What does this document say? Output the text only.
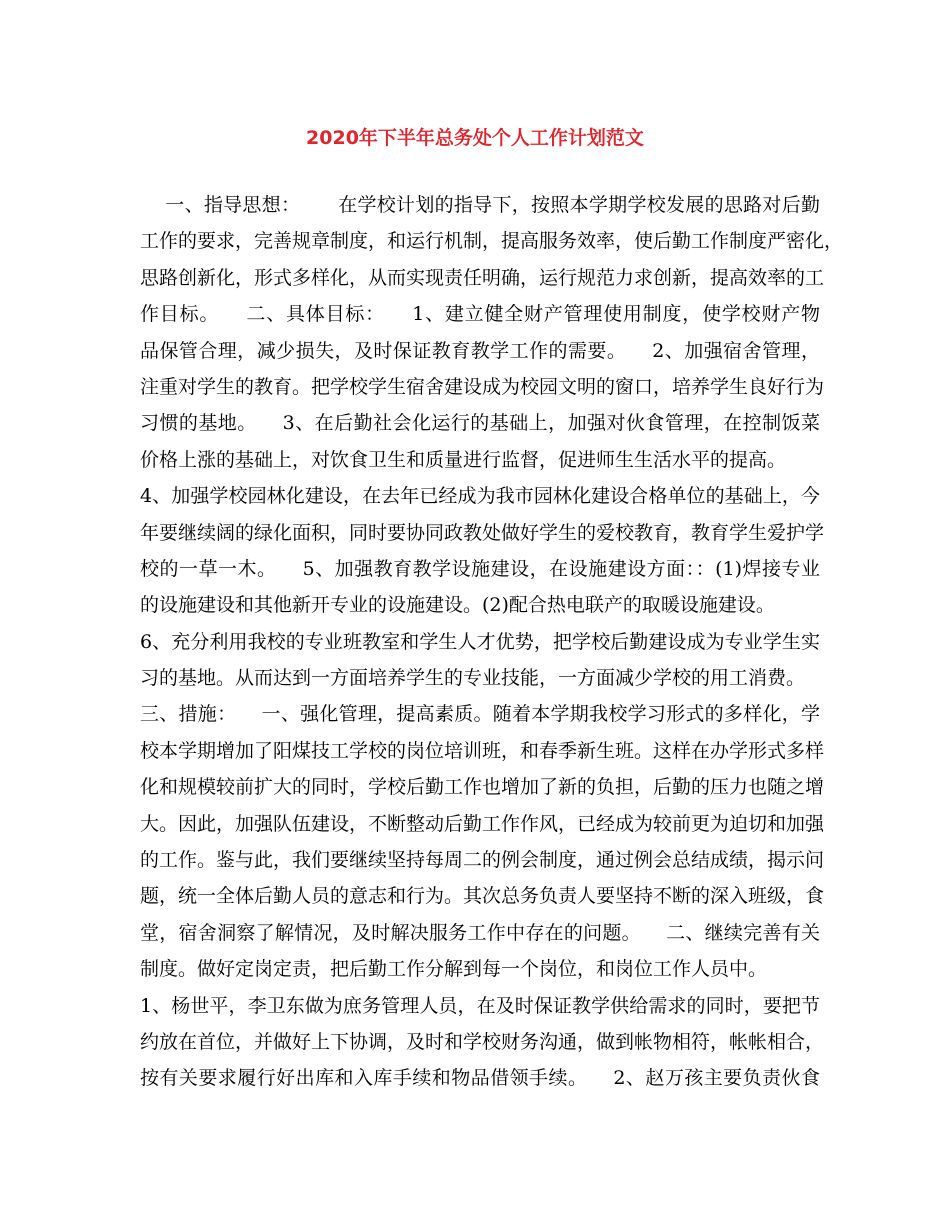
2020年下半年总务处个人工作计划范文
一、指导思想：      在学校计划的指导下，按照本学期学校发展的思路对后勤
工作的要求，完善规章制度，和运行机制，提高服务效率，使后勤工作制度严密化，
思路创新化，形式多样化，从而实现责任明确，运行规范力求创新，提高效率的工
作目标。    二、具体目标：    1、建立健全财产管理使用制度，使学校财产物
品保管合理，减少损失，及时保证教育教学工作的需要。    2、加强宿舍管理，
注重对学生的教育。把学校学生宿舍建设成为校园文明的窗口，培养学生良好行为
习惯的基地。    3、在后勤社会化运行的基础上，加强对伙食管理，在控制饭菜
价格上涨的基础上，对饮食卫生和质量进行监督，促进师生生活水平的提高。
4、加强学校园林化建设，在去年已经成为我市园林化建设合格单位的基础上，今
年要继续阔的绿化面积，同时要协同政教处做好学生的爱校教育，教育学生爱护学
校的一草一木。    5、加强教育教学设施建设，在设施建设方面：：(1)焊接专业
的设施建设和其他新开专业的设施建设。(2)配合热电联产的取暖设施建设。
6、充分利用我校的专业班教室和学生人才优势，把学校后勤建设成为专业学生实
习的基地。从而达到一方面培养学生的专业技能，一方面减少学校的用工消费。
三、措施：    一、强化管理，提高素质。随着本学期我校学习形式的多样化，学
校本学期增加了阳煤技工学校的岗位培训班，和春季新生班。这样在办学形式多样
化和规模较前扩大的同时，学校后勤工作也增加了新的负担，后勤的压力也随之增
大。因此，加强队伍建设，不断整动后勤工作作风，已经成为较前更为迫切和加强
的工作。鉴与此，我们要继续坚持每周二的例会制度，通过例会总结成绩，揭示问
题，统一全体后勤人员的意志和行为。其次总务负责人要坚持不断的深入班级，食
堂，宿舍洞察了解情况，及时解决服务工作中存在的问题。    二、继续完善有关
制度。做好定岗定责，把后勤工作分解到每一个岗位，和岗位工作人员中。
1、杨世平，李卫东做为庶务管理人员，在及时保证教学供给需求的同时，要把节
约放在首位，并做好上下协调，及时和学校财务沟通，做到帐物相符，帐帐相合，
按有关要求履行好出库和入库手续和物品借领手续。    2、赵万孩主要负责伙食
